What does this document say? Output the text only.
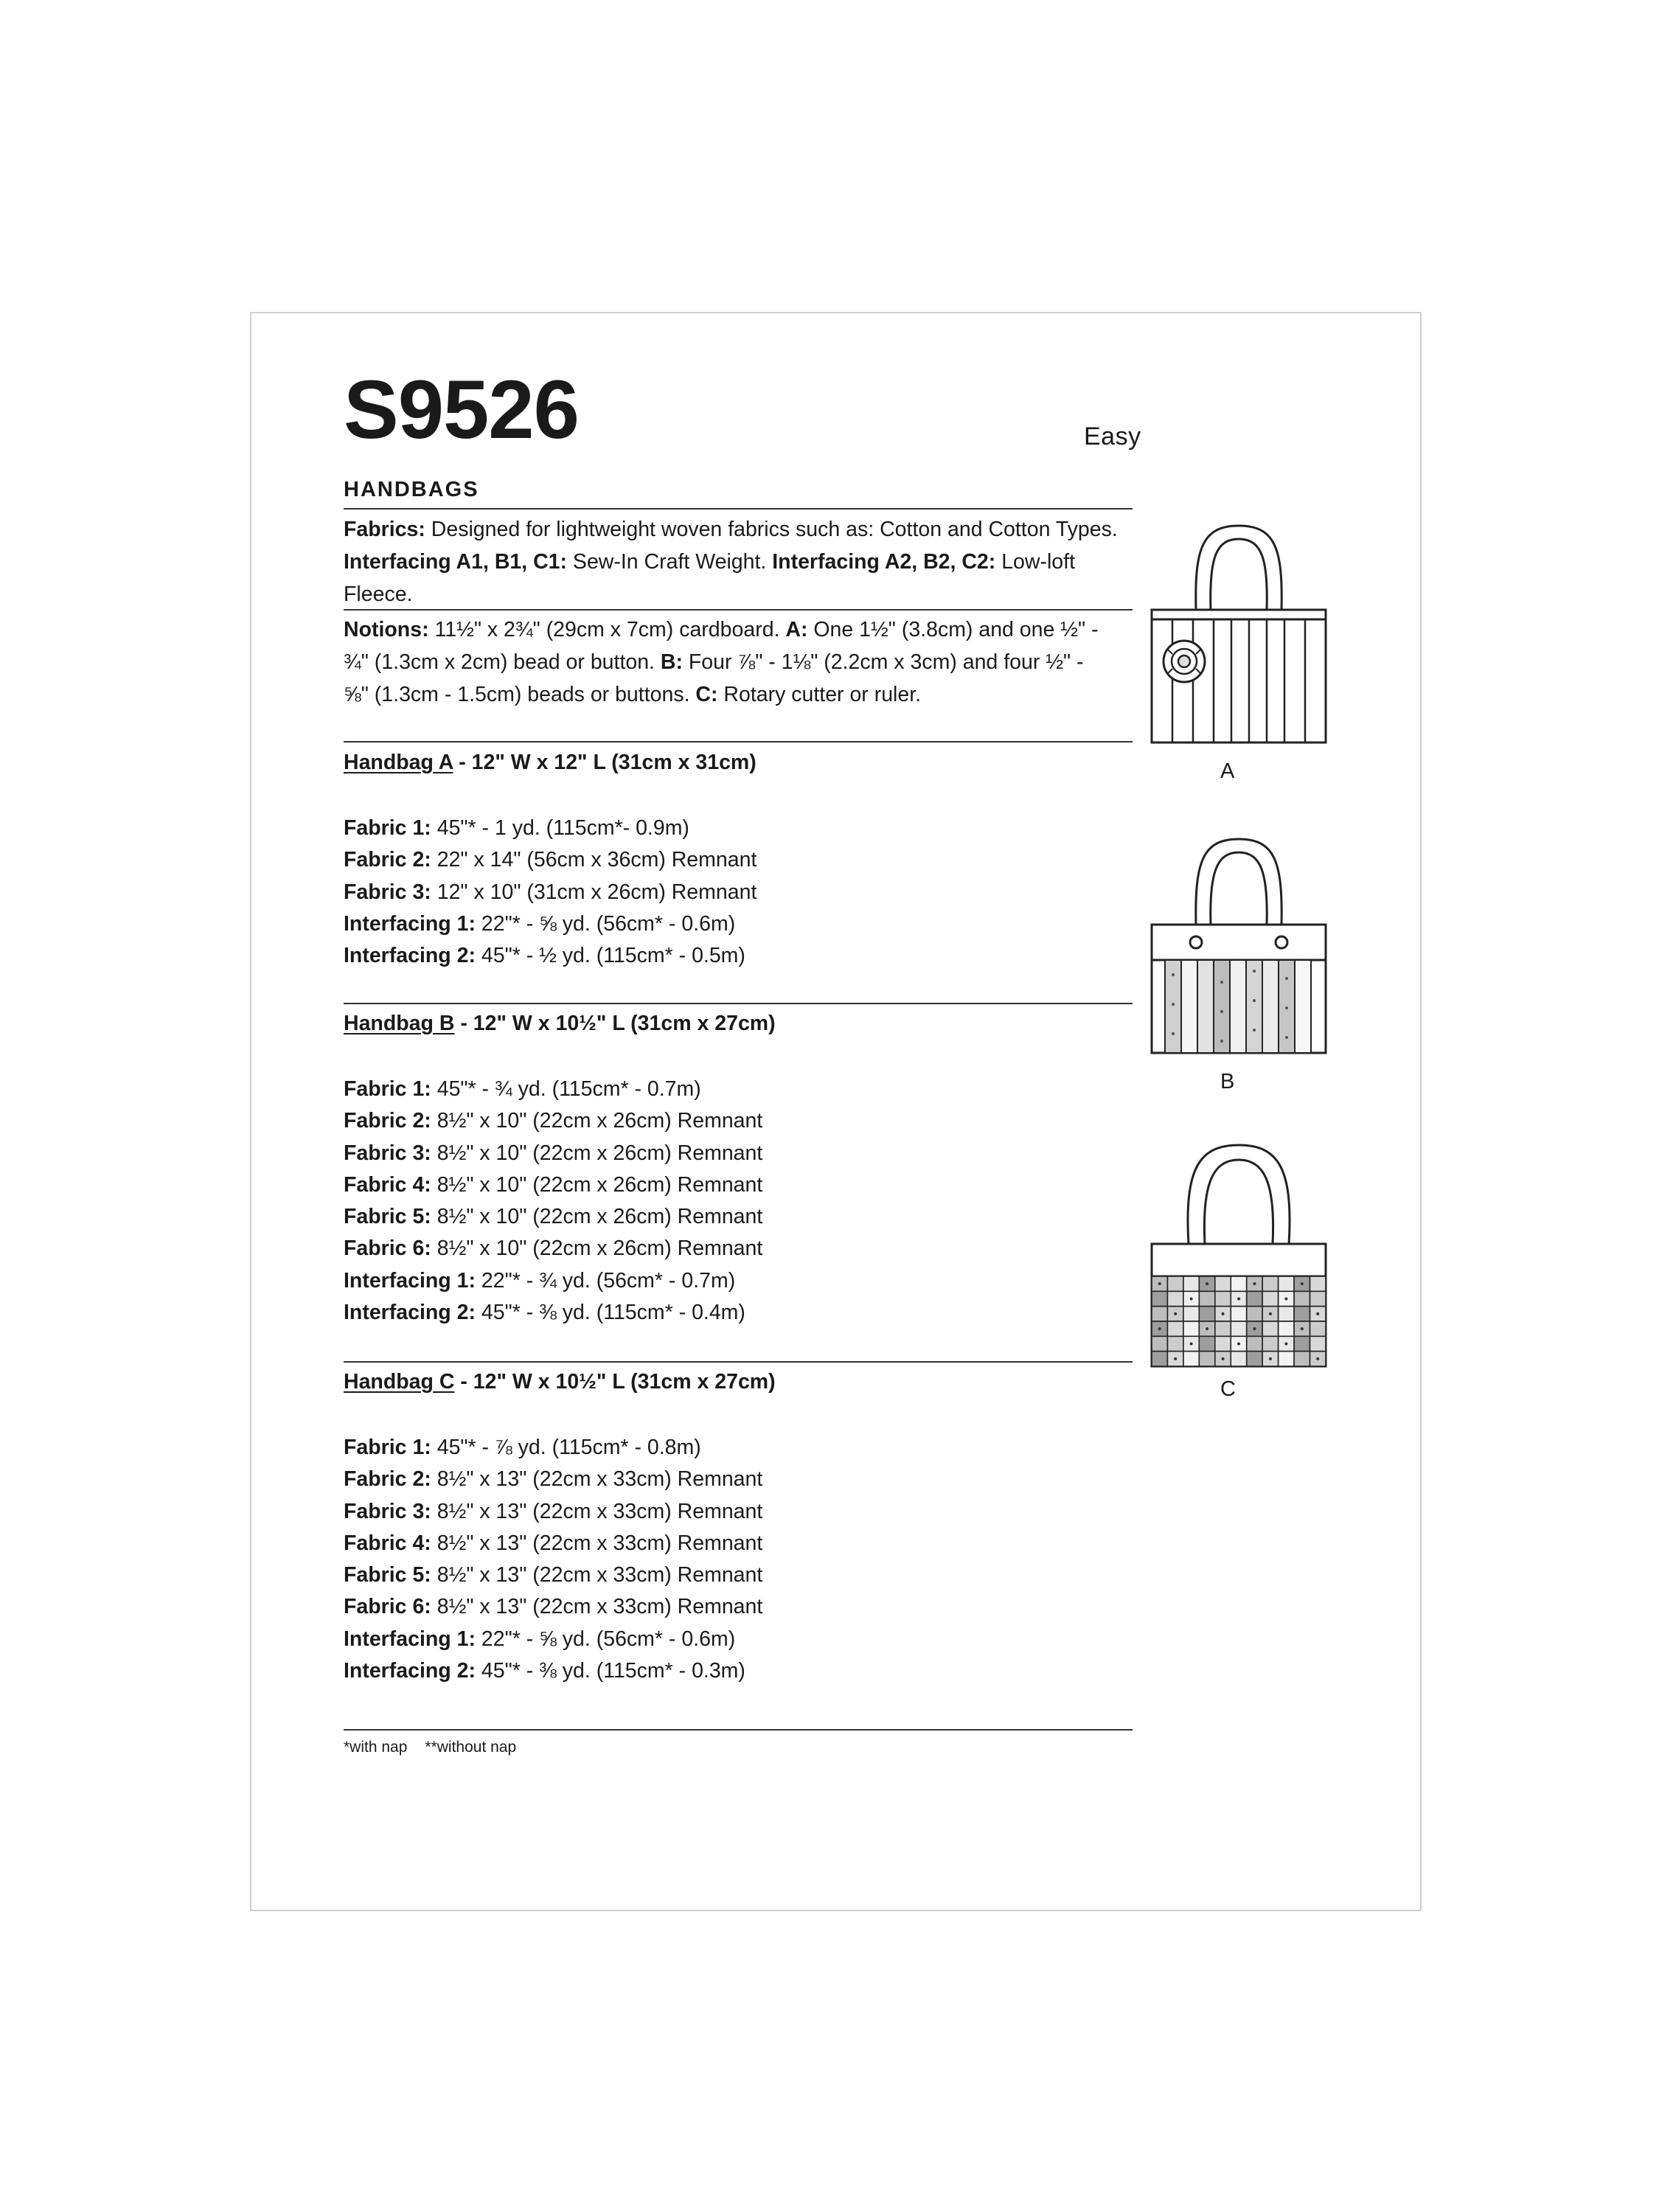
S9526	Easy
HANDBAGS
Fabrics: Designed for lightweight woven fabrics such as: Cotton and Cotton Types.
Interfacing A1, B1, C1: Sew-In Craft Weight. Interfacing A2, B2, C2: Low-loft Fleece.
Notions: 11½" x 2¾" (29cm x 7cm) cardboard. A: One 1½" (3.8cm) and one ½" - ¾" (1.3cm x 2cm) bead or button. B: Four ⅞" - 1⅛" (2.2cm x 3cm) and four ½" - ⅝" (1.3cm - 1.5cm) beads or buttons. C: Rotary cutter or ruler.
Handbag A - 12" W x 12" L (31cm x 31cm)
Fabric 1: 45"* - 1 yd. (115cm*- 0.9m)
Fabric 2: 22" x 14" (56cm x 36cm) Remnant
Fabric 3: 12" x 10" (31cm x 26cm) Remnant
Interfacing 1: 22"* - ⅝ yd. (56cm* - 0.6m)
Interfacing 2: 45"* - ½ yd. (115cm* - 0.5m)
Handbag B - 12" W x 10½" L (31cm x 27cm)
Fabric 1: 45"* - ¾ yd. (115cm* - 0.7m)
Fabric 2: 8½" x 10" (22cm x 26cm) Remnant
Fabric 3: 8½" x 10" (22cm x 26cm) Remnant
Fabric 4: 8½" x 10" (22cm x 26cm) Remnant
Fabric 5: 8½" x 10" (22cm x 26cm) Remnant
Fabric 6: 8½" x 10" (22cm x 26cm) Remnant
Interfacing 1: 22"* - ¾ yd. (56cm* - 0.7m)
Interfacing 2: 45"* - ⅜ yd. (115cm* - 0.4m)
Handbag C - 12" W x 10½" L (31cm x 27cm)
Fabric 1: 45"* - ⅞ yd. (115cm* - 0.8m)
Fabric 2: 8½" x 13" (22cm x 33cm) Remnant
Fabric 3: 8½" x 13" (22cm x 33cm) Remnant
Fabric 4: 8½" x 13" (22cm x 33cm) Remnant
Fabric 5: 8½" x 13" (22cm x 33cm) Remnant
Fabric 6: 8½" x 13" (22cm x 33cm) Remnant
Interfacing 1: 22"* - ⅝ yd. (56cm* - 0.6m)
Interfacing 2: 45"* - ⅜ yd. (115cm* - 0.3m)
*with nap **without nap
A
B
C
